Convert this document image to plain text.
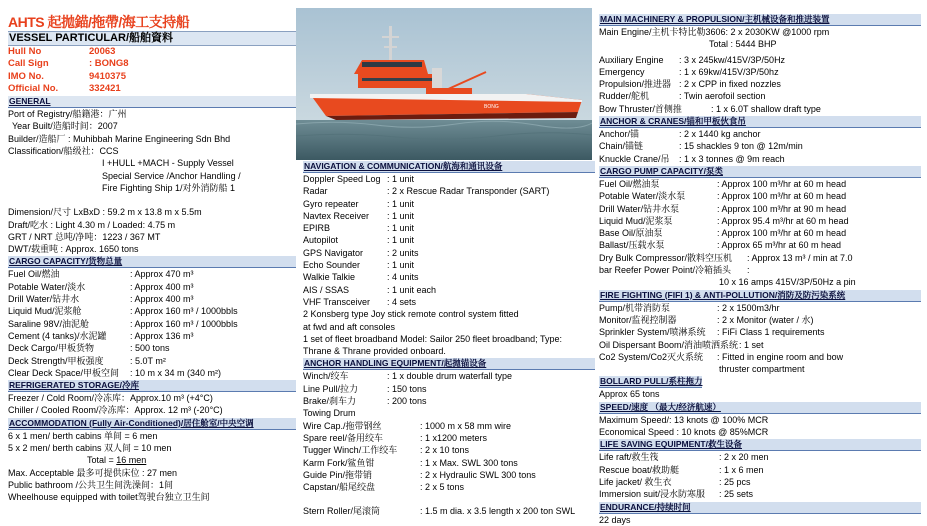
AHTS 起拋錨/拖帶/海工支持船
VESSEL PARTICULAR/船舶資料
Hull No	20063
Call Sign	: BONG8
IMO No.	9410375
Official No.	332421
GENERAL
Port of Registry/船籍港：广州
Year Built/造船时间：2007
Builder/造船厂 : Muhibbah Marine Engineering Sdn Bhd
Classification/船级社：CCS
I +HULL +MACH - Supply Vessel
Special Service /Anchor Handling /
Fire Fighting Ship 1/对外消防船 1
Dimension/尺寸 LxBxD : 59.2 m x 13.8 m x 5.5m
Draft/吃水 : Light 4.30 m / Loaded: 4.75 m
GRT / NRT 总吨/净吨：1223 / 367 MT
DWT/载重吨 : Approx. 1650 tons
CARGO CAPACITY/货物总量
Fuel Oil/燃油	: Approx 470 m³
Potable Water/淡水	: Approx 400 m³
Drill Water/钻井水	: Approx 400 m³
Liquid Mud/泥浆舱	: Approx 160 m³ / 1000bbls
Saraline 98V/油泥舱	: Approx 160 m³ / 1000bbls
Cement (4 tanks)/水泥罐	: Approx 136 m³
Deck Cargo/甲板货物	: 500 tons
Deck Strength/甲板强度	: 5.0T m²
Clear Deck Space/甲板空间	: 10 m x 34 m (340 m²)
REFRIGERATED STORAGE/冷库
Freezer / Cold Room/冷冻库：Approx.10 m³ (+4°C)
Chiller / Cooled Room/冷冻库：Approx. 12 m³ (-20°C)
ACCOMMODATION (Fully Air-Conditioned)/居住舱室/中央空调
6 x 1 men/ berth cabins 单间 = 6 men
5 x 2 men/ berth cabins 双人间 = 10 men
Total = 16 men
Max. Acceptable 最多可提供床位 : 27 men
Public bathroom /公共卫生间洗澡间：1间
Wheelhouse equipped with toilet驾驶台独立卫生间
BONG
NAVIGATION & COMMUNICATION/航海和通讯设备
Doppler Speed Log : 1 unit
Radar	: 2 x Rescue Radar Transponder (SART)
Gyro repeater	: 1 unit
Navtex Receiver	: 1 unit
EPIRB	: 1 unit
Autopilot	: 1 unit
GPS Navigator	: 2 units
Echo Sounder	: 1 unit
Walkie Talkie	: 4 units
AIS / SSAS	: 1 unit each
VHF Transceiver	: 4 sets
2 Konsberg type Joy stick remote control system fitted
at fwd and aft consoles
1 set of fleet broadband Model: Sailor 250 fleet broadband; Type:
Thrane & Thrane provided onboard.
ANCHOR HANDLING EQUIPMENT/起拋锚设备
Winch/绞车	: 1 x double drum waterfall type
Line Pull/拉力	: 150 tons
Brake/刹车力	: 200 tons
Towing Drum
Wire Cap./拖带钢丝	: 1000 m x 58 mm wire
Spare reel/备用绞车	: 1 x1200 meters
Tugger Winch/工作绞车	: 2 x 10 tons
Karm Fork/鲨鱼钳	: 1 x Max. SWL 300 tons
Guide Pin/拖带销	: 2 x Hydraulic SWL 300 tons
Capstan/船尾绞盘	: 2 x 5 tons
Stern Roller/尾滚筒	: 1.5 m dia. x 3.5 length x 200 ton SWL
MAIN MACHINERY & PROPULSION/主机械设备和推进装置
Main Engine/主机卡特比勒3606: 2 x 2030KW @1000 rpm
Total : 5444 BHP
Auxiliary Engine	: 3 x 245kw/415V/3P/50Hz
Emergency	: 1 x 69kw/415V/3P/50hz
Propulsion/推进器 : 2 x CPP in fixed nozzles
Rudder/舵机	: Twin aerofoil section
Bow Thruster/首侧推	: 1 x 6.0T shallow draft type
ANCHOR & CRANES/锚和甲板伙食吊
Anchor/锚	: 2 x 1440 kg anchor
Chain/锚链	: 15 shackles 9 ton @ 12m/min
Knuckle Crane/吊	: 1 x 3 tonnes @ 9m reach
CARGO PUMP CAPACITY/泵类
Fuel Oil/燃油泵	: Approx 100 m³/hr at 60 m head
Potable Water/淡水泵	: Approx 100 m³/hr at 60 m head
Drill Water/钻井水泵	: Approx 100 m³/hr at 90 m head
Liquid Mud/泥浆泵	: Approx 95.4 m³/hr at 60 m head
Base Oil/原油泵	: Approx 100 m³/hr at 60 m head
Ballast/压载水泵	: Approx 65 m³/hr at 60 m head
Dry Bulk Compressor/散料空压机	: Approx 13 m³ / min at 7.0
bar Reefer Power Point/冷箱插头	:
10 x 16 amps 415V/3P/50Hz a pin
FIRE FIGHTING (FIFI 1) & ANTI-POLLUTION/消防及防污染系统
Pump/机带消防泵	: 2 x 1500m3/hr
Monitor/监视控制器	: 2 x Monitor (water / 水)
Sprinkler System/喷淋系统	: FiFi Class 1 requirements
Oil Dispersant Boom/消油喷洒系统 : 1 set
Co2 System/Co2灭火系统	: Fitted in engine room and bow
thruster compartment
BOLLARD PULL/系柱拖力
Approx 65 tons
SPEED/速度 （最大/经济航速）
Maximum Speed/: 13 knots @ 100% MCR
Economical Speed : 10 knots @ 85%MCR
LIFE SAVING EQUIPMENT/救生设备
Life raft/救生筏	: 2 x 20 men
Rescue boat/救助艇	: 1 x 6 men
Life jacket/ 救生衣	: 25 pcs
Immersion suit/浸水防寒服	: 25 sets
ENDURANCE/持续时间
22 days
